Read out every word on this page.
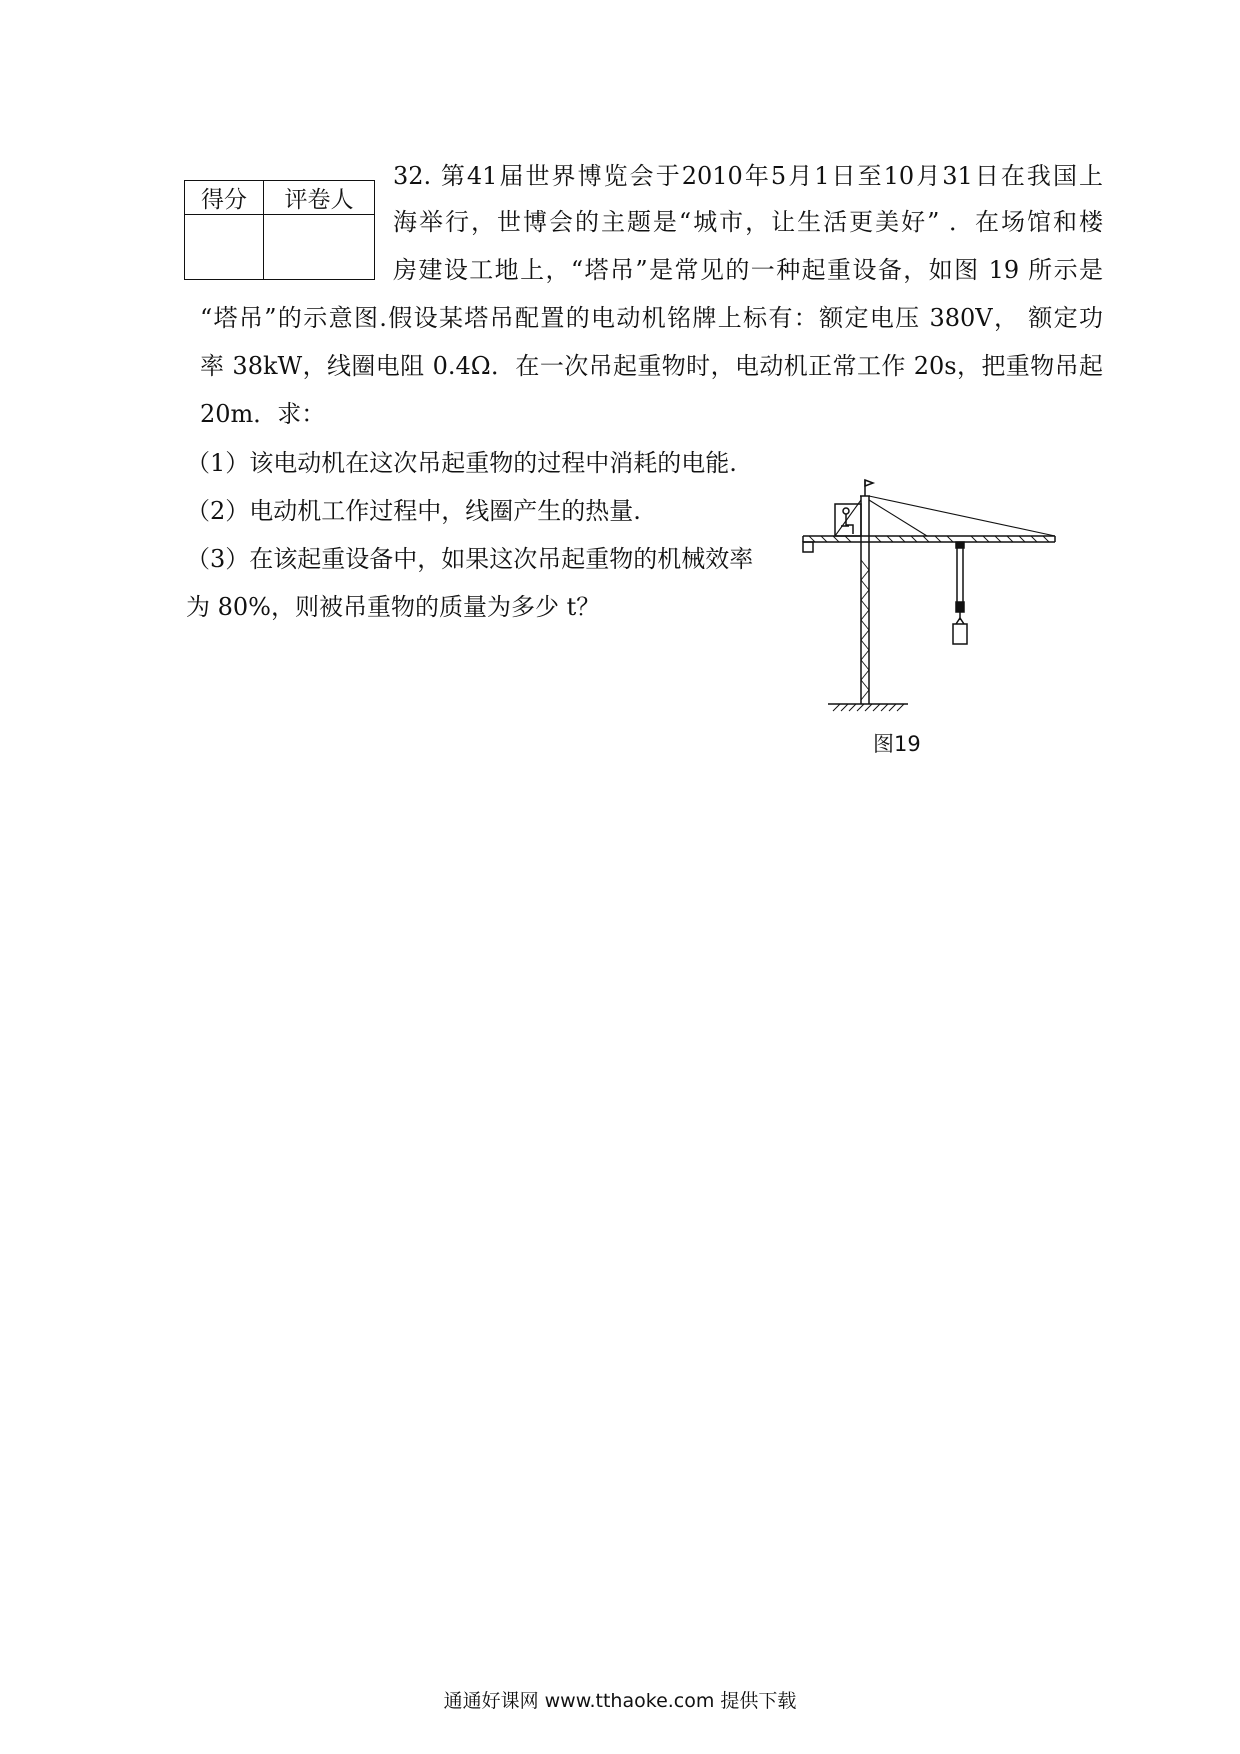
得分	评卷人

32. 第41届世界博览会于2010年5月1日至10月31日在我国上
海举行，世博会的主题是“城市，让生活更美好” ．在场馆和楼
房建设工地上，“塔吊”是常见的一种起重设备，如图 19 所示是
“塔吊”的示意图.假设某塔吊配置的电动机铭牌上标有：额定电压 380V， 额定功
率 38kW，线圈电阻 0.4Ω．在一次吊起重物时，电动机正常工作 20s，把重物吊起
20m．求：
（1）该电动机在这次吊起重物的过程中消耗的电能.
（2）电动机工作过程中，线圈产生的热量.
（3）在该起重设备中，如果这次吊起重物的机械效率
为 80%，则被吊重物的质量为多少 t？
图19
通通好课网 www.tthaoke.com 提供下载
